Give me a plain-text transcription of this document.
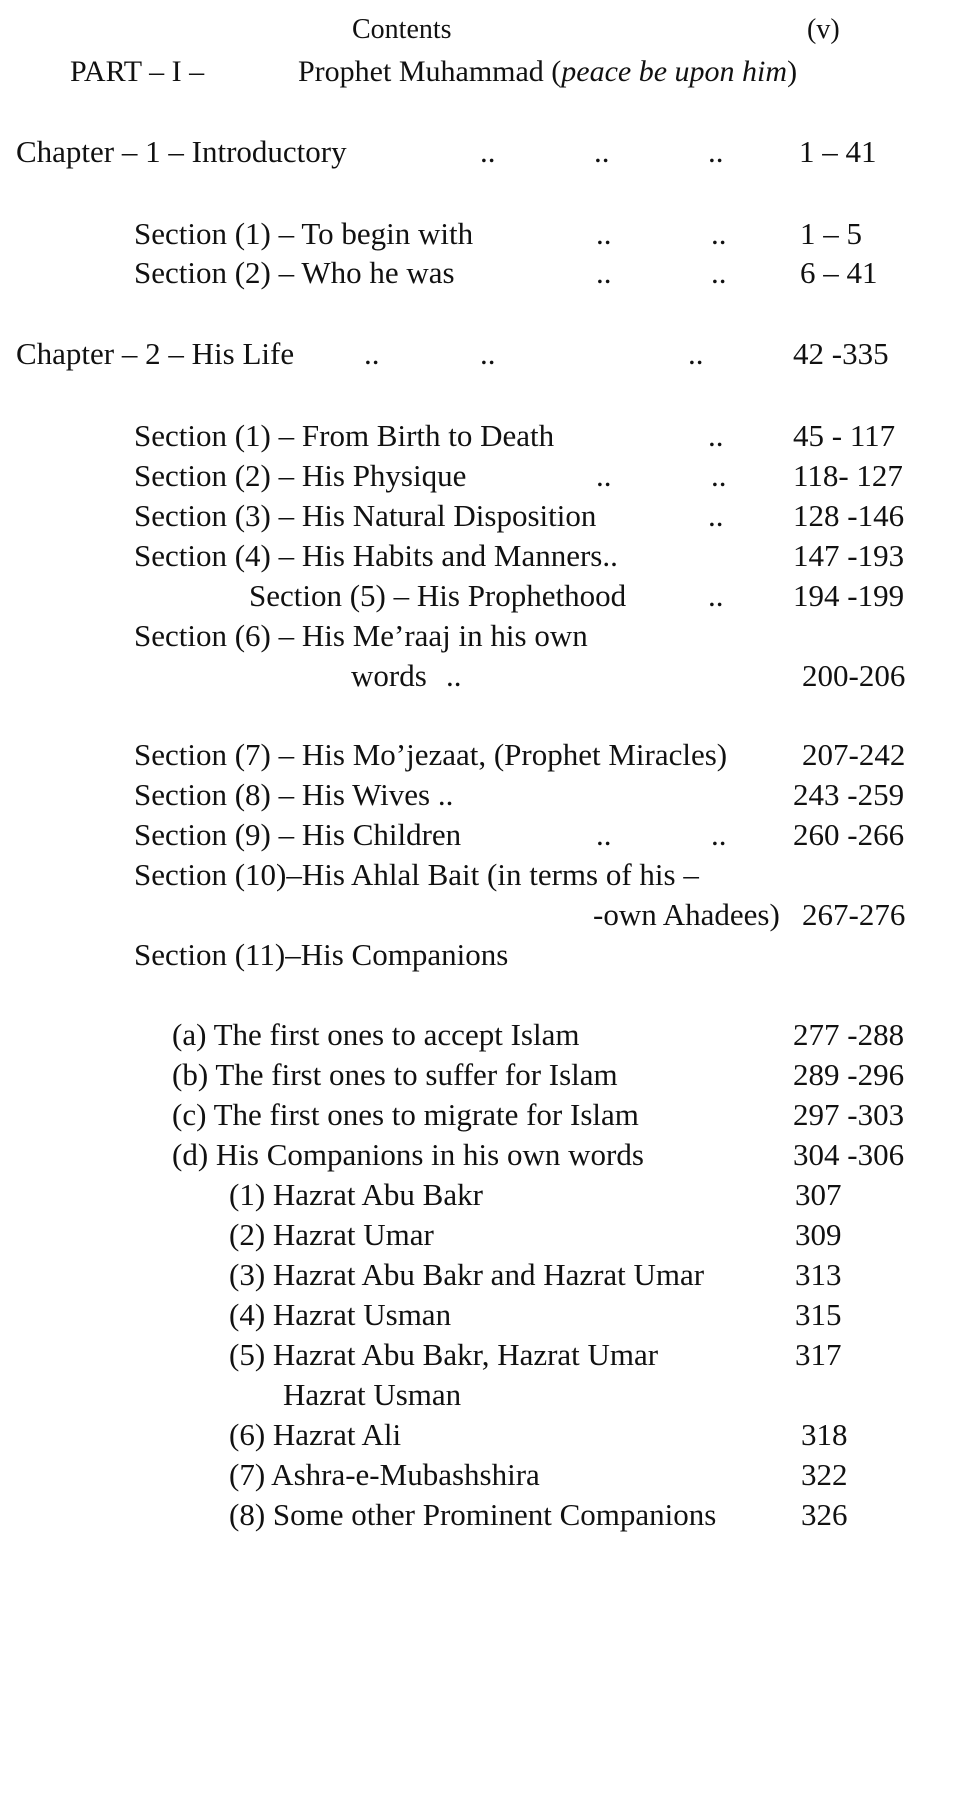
Contents	(v)
PART – I –	Prophet Muhammad (peace be upon him)
Chapter – 1 – Introductory	..	..	.. 1 – 41
Section (1) – To begin with	..	.. 1 – 5
Section (2) – Who he was	..	.. 6 – 41
Chapter – 2 – His Life ..	..	..	42 -335
Section (1) – From Birth to Death	.. 45 - 117
Section (2) – His Physique	..	.. 118- 127
Section (3) – His Natural Disposition	.. 128 -146
Section (4) – His Habits and Manners..	147 -193
Section (5) – His Prophethood	.. 194 -199
Section (6) – His Me’raaj in his own
words ..	200-206
Section (7) – His Mo’jezaat, (Prophet Miracles) 207-242
Section (8) – His Wives ..	243 -259
Section (9) – His Children	..	.. 260 -266
Section (10)–His Ahlal Bait (in terms of his –
-own Ahadees) 267-276
Section (11)–His Companions
(a) The first ones to accept Islam	277 -288
(b) The first ones to suffer for Islam	289 -296
(c) The first ones to migrate for Islam	297 -303
(d) His Companions in his own words	304 -306
(1) Hazrat Abu Bakr	307
(2) Hazrat Umar	309
(3) Hazrat Abu Bakr and Hazrat Umar	313
(4) Hazrat Usman	315
(5) Hazrat Abu Bakr, Hazrat Umar	317
Hazrat Usman
(6) Hazrat Ali	318
(7) Ashra-e-Mubashshira	322
(8) Some other Prominent Companions	326
